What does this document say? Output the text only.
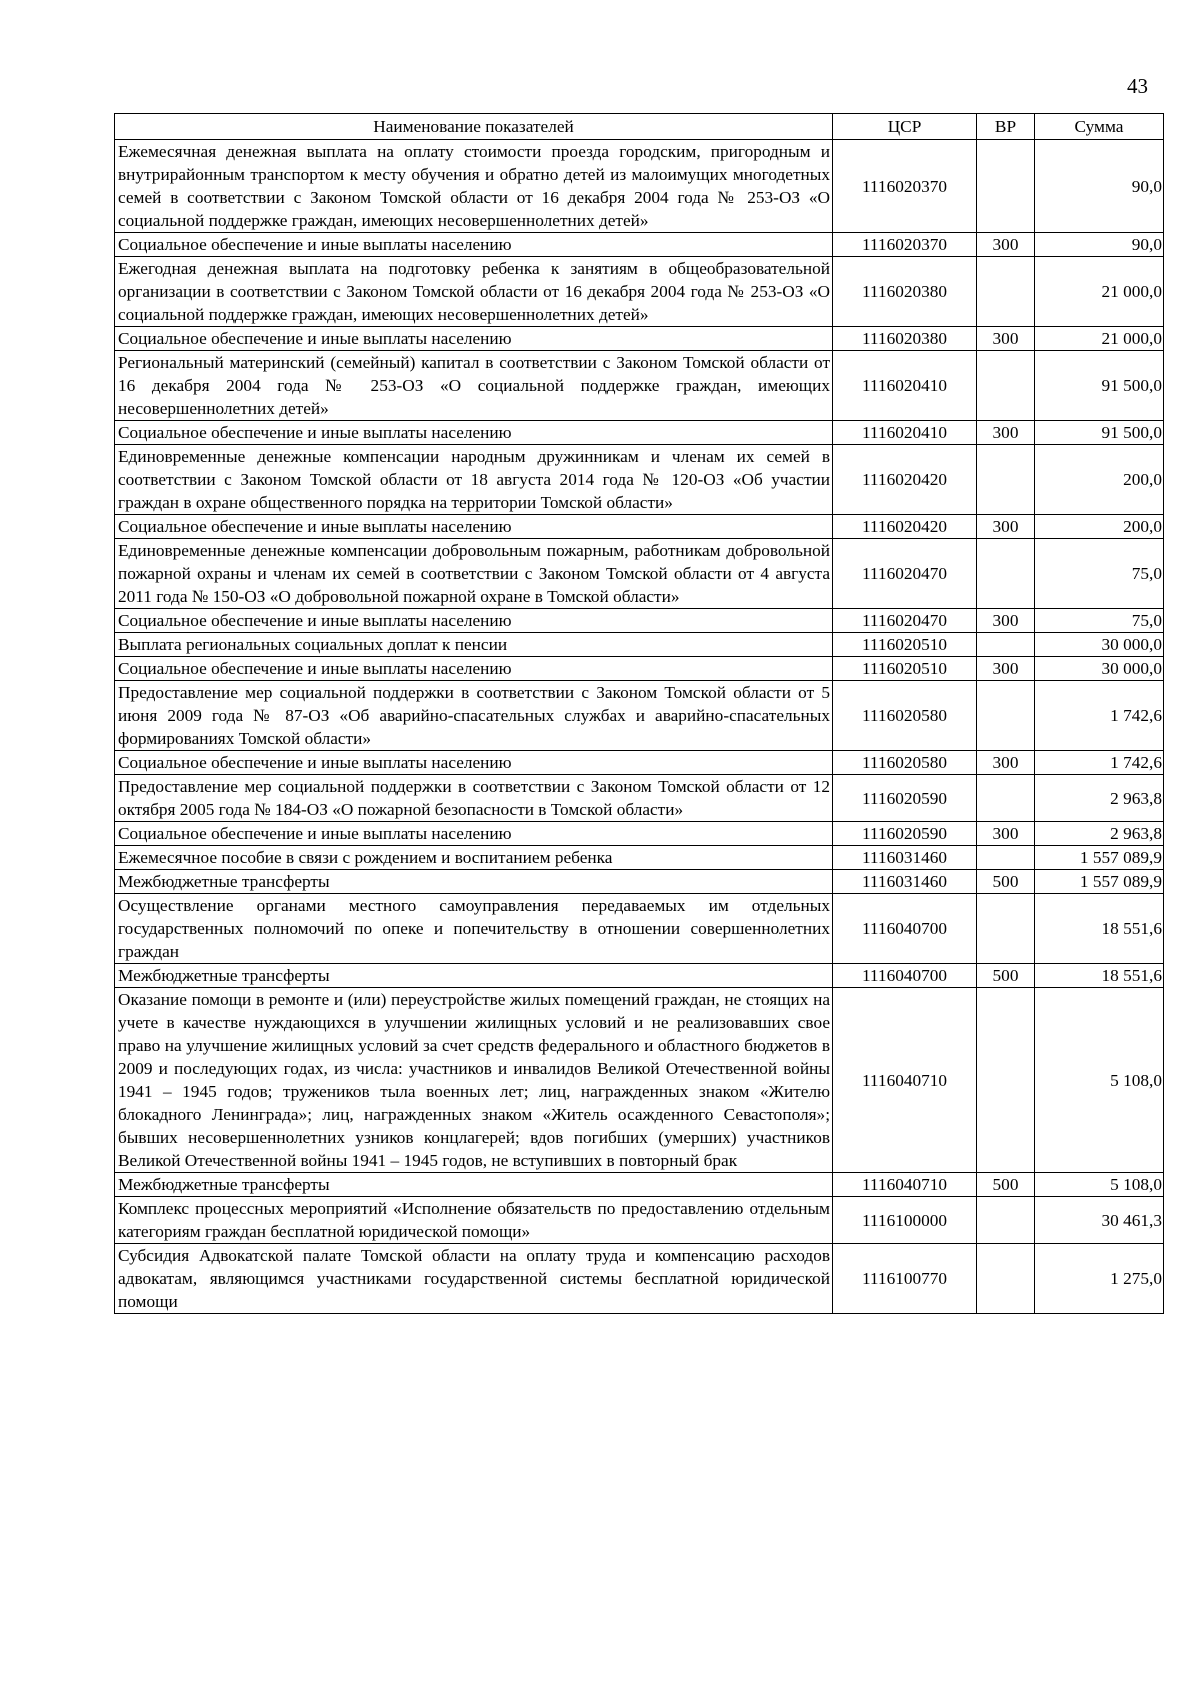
43
Наименование показателей	ЦСР	ВР	Сумма
Ежемесячная денежная выплата на оплату стоимости проезда городским, пригородным и внутрирайонным транспортом к месту обучения и обратно детей из малоимущих многодетных семей в соответствии с Законом Томской области от 16 декабря 2004 года № 253-ОЗ «О социальной поддержке граждан, имеющих несовершеннолетних детей»	1116020370		90,0
Социальное обеспечение и иные выплаты населению	1116020370	300	90,0
Ежегодная денежная выплата на подготовку ребенка к занятиям в общеобразовательной организации в соответствии с Законом Томской области от 16 декабря 2004 года № 253-ОЗ «О социальной поддержке граждан, имеющих несовершеннолетних детей»	1116020380		21 000,0
Социальное обеспечение и иные выплаты населению	1116020380	300	21 000,0
Региональный материнский (семейный) капитал в соответствии с Законом Томской области от 16 декабря 2004 года № 253-ОЗ «О социальной поддержке граждан, имеющих несовершеннолетних детей»	1116020410		91 500,0
Социальное обеспечение и иные выплаты населению	1116020410	300	91 500,0
Единовременные денежные компенсации народным дружинникам и членам их семей в соответствии с Законом Томской области от 18 августа 2014 года № 120-ОЗ «Об участии граждан в охране общественного порядка на территории Томской области»	1116020420		200,0
Социальное обеспечение и иные выплаты населению	1116020420	300	200,0
Единовременные денежные компенсации добровольным пожарным, работникам добровольной пожарной охраны и членам их семей в соответствии с Законом Томской области от 4 августа 2011 года № 150-ОЗ «О добровольной пожарной охране в Томской области»	1116020470		75,0
Социальное обеспечение и иные выплаты населению	1116020470	300	75,0
Выплата региональных социальных доплат к пенсии	1116020510		30 000,0
Социальное обеспечение и иные выплаты населению	1116020510	300	30 000,0
Предоставление мер социальной поддержки в соответствии с Законом Томской области от 5 июня 2009 года № 87-ОЗ «Об аварийно-спасательных службах и аварийно-спасательных формированиях Томской области»	1116020580		1 742,6
Социальное обеспечение и иные выплаты населению	1116020580	300	1 742,6
Предоставление мер социальной поддержки в соответствии с Законом Томской области от 12 октября 2005 года № 184-ОЗ «О пожарной безопасности в Томской области»	1116020590		2 963,8
Социальное обеспечение и иные выплаты населению	1116020590	300	2 963,8
Ежемесячное пособие в связи с рождением и воспитанием ребенка	1116031460		1 557 089,9
Межбюджетные трансферты	1116031460	500	1 557 089,9
Осуществление органами местного самоуправления передаваемых им отдельных государственных полномочий по опеке и попечительству в отношении совершеннолетних граждан	1116040700		18 551,6
Межбюджетные трансферты	1116040700	500	18 551,6
Оказание помощи в ремонте и (или) переустройстве жилых помещений граждан, не стоящих на учете в качестве нуждающихся в улучшении жилищных условий и не реализовавших свое право на улучшение жилищных условий за счет средств федерального и областного бюджетов в 2009 и последующих годах, из числа: участников и инвалидов Великой Отечественной войны 1941 – 1945 годов; тружеников тыла военных лет; лиц, награжденных знаком «Жителю блокадного Ленинграда»; лиц, награжденных знаком «Житель осажденного Севастополя»; бывших несовершеннолетних узников концлагерей; вдов погибших (умерших) участников Великой Отечественной войны 1941 – 1945 годов, не вступивших в повторный брак	1116040710		5 108,0
Межбюджетные трансферты	1116040710	500	5 108,0
Комплекс процессных мероприятий «Исполнение обязательств по предоставлению отдельным категориям граждан бесплатной юридической помощи»	1116100000		30 461,3
Субсидия Адвокатской палате Томской области на оплату труда и компенсацию расходов адвокатам, являющимся участниками государственной системы бесплатной юридической помощи	1116100770		1 275,0
